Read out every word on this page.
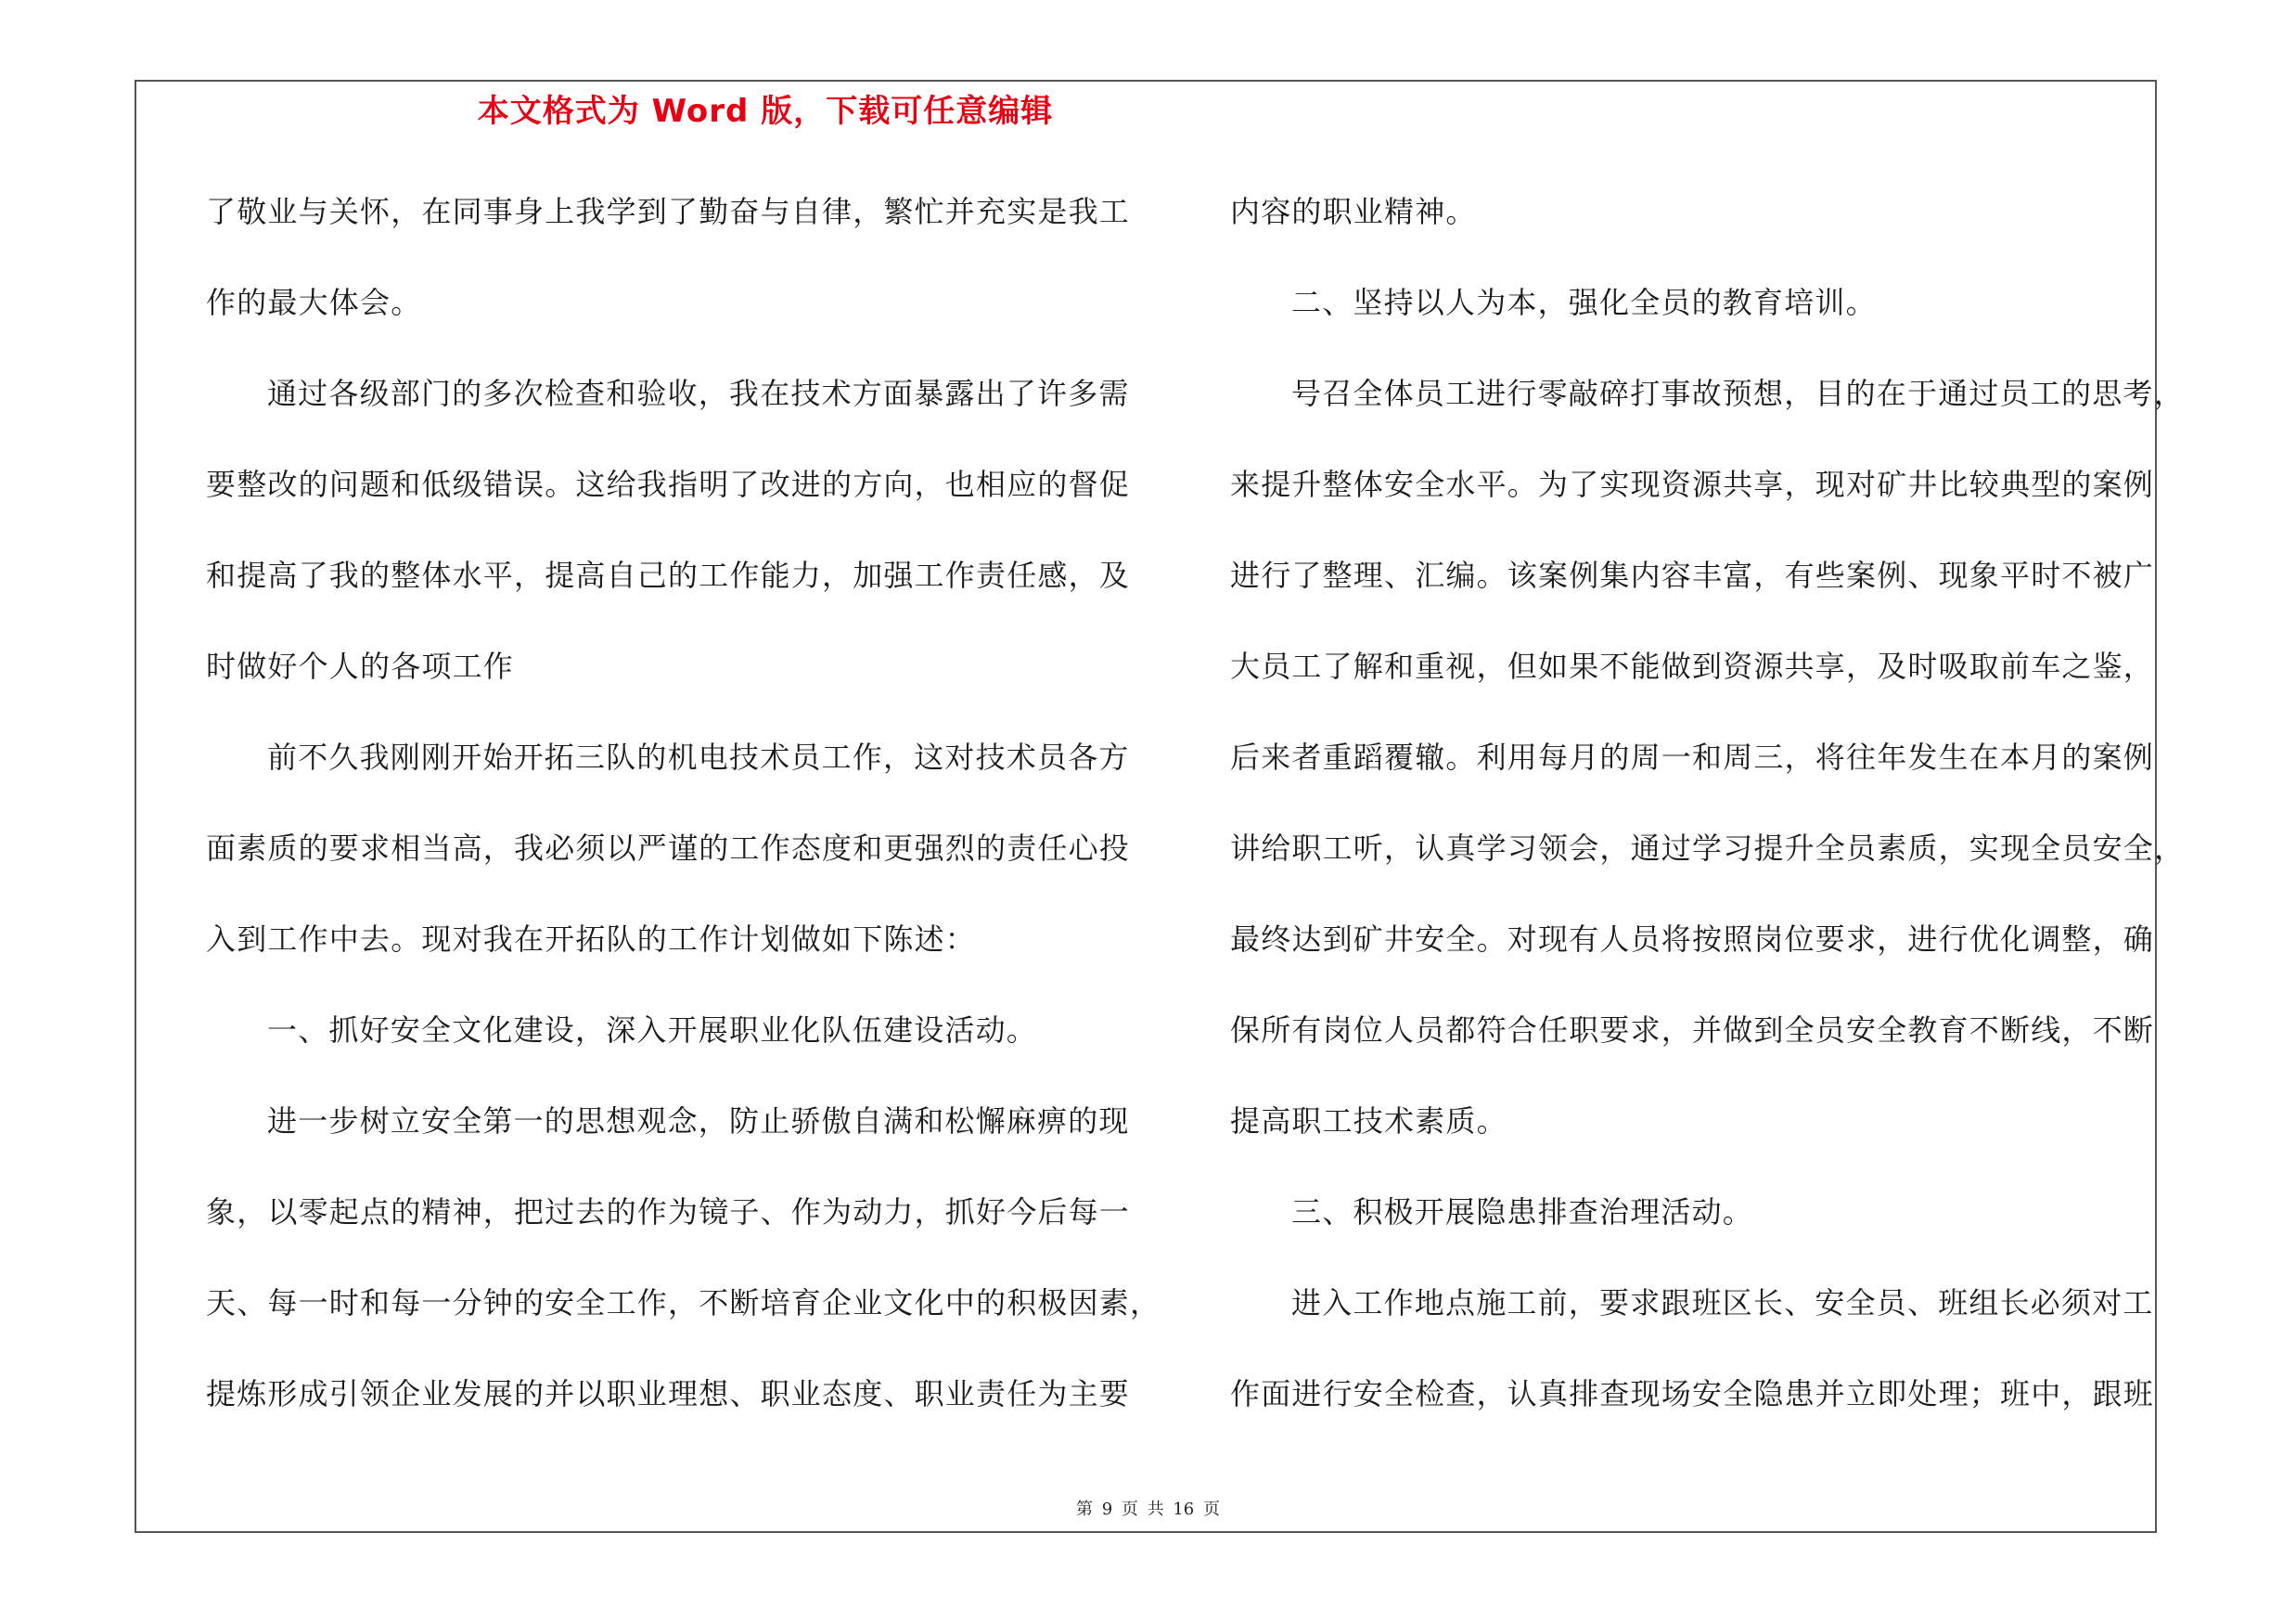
本文格式为 Word 版，下载可任意编辑
了敬业与关怀，在同事身上我学到了勤奋与自律，繁忙并充实是我工
作的最大体会。
通过各级部门的多次检查和验收，我在技术方面暴露出了许多需
要整改的问题和低级错误。这给我指明了改进的方向，也相应的督促
和提高了我的整体水平，提高自己的工作能力，加强工作责任感，及
时做好个人的各项工作
前不久我刚刚开始开拓三队的机电技术员工作，这对技术员各方
面素质的要求相当高，我必须以严谨的工作态度和更强烈的责任心投
入到工作中去。现对我在开拓队的工作计划做如下陈述：
一、抓好安全文化建设，深入开展职业化队伍建设活动。
进一步树立安全第一的思想观念，防止骄傲自满和松懈麻痹的现
象，以零起点的精神，把过去的作为镜子、作为动力，抓好今后每一
天、每一时和每一分钟的安全工作，不断培育企业文化中的积极因素，
提炼形成引领企业发展的并以职业理想、职业态度、职业责任为主要
内容的职业精神。
二、坚持以人为本，强化全员的教育培训。
号召全体员工进行零敲碎打事故预想，目的在于通过员工的思考，
来提升整体安全水平。为了实现资源共享，现对矿井比较典型的案例
进行了整理、汇编。该案例集内容丰富，有些案例、现象平时不被广
大员工了解和重视，但如果不能做到资源共享，及时吸取前车之鉴，
后来者重蹈覆辙。利用每月的周一和周三，将往年发生在本月的案例
讲给职工听，认真学习领会，通过学习提升全员素质，实现全员安全，
最终达到矿井安全。对现有人员将按照岗位要求，进行优化调整，确
保所有岗位人员都符合任职要求，并做到全员安全教育不断线，不断
提高职工技术素质。
三、积极开展隐患排查治理活动。
进入工作地点施工前，要求跟班区长、安全员、班组长必须对工
作面进行安全检查，认真排查现场安全隐患并立即处理；班中，跟班
第 9 页 共 16 页
